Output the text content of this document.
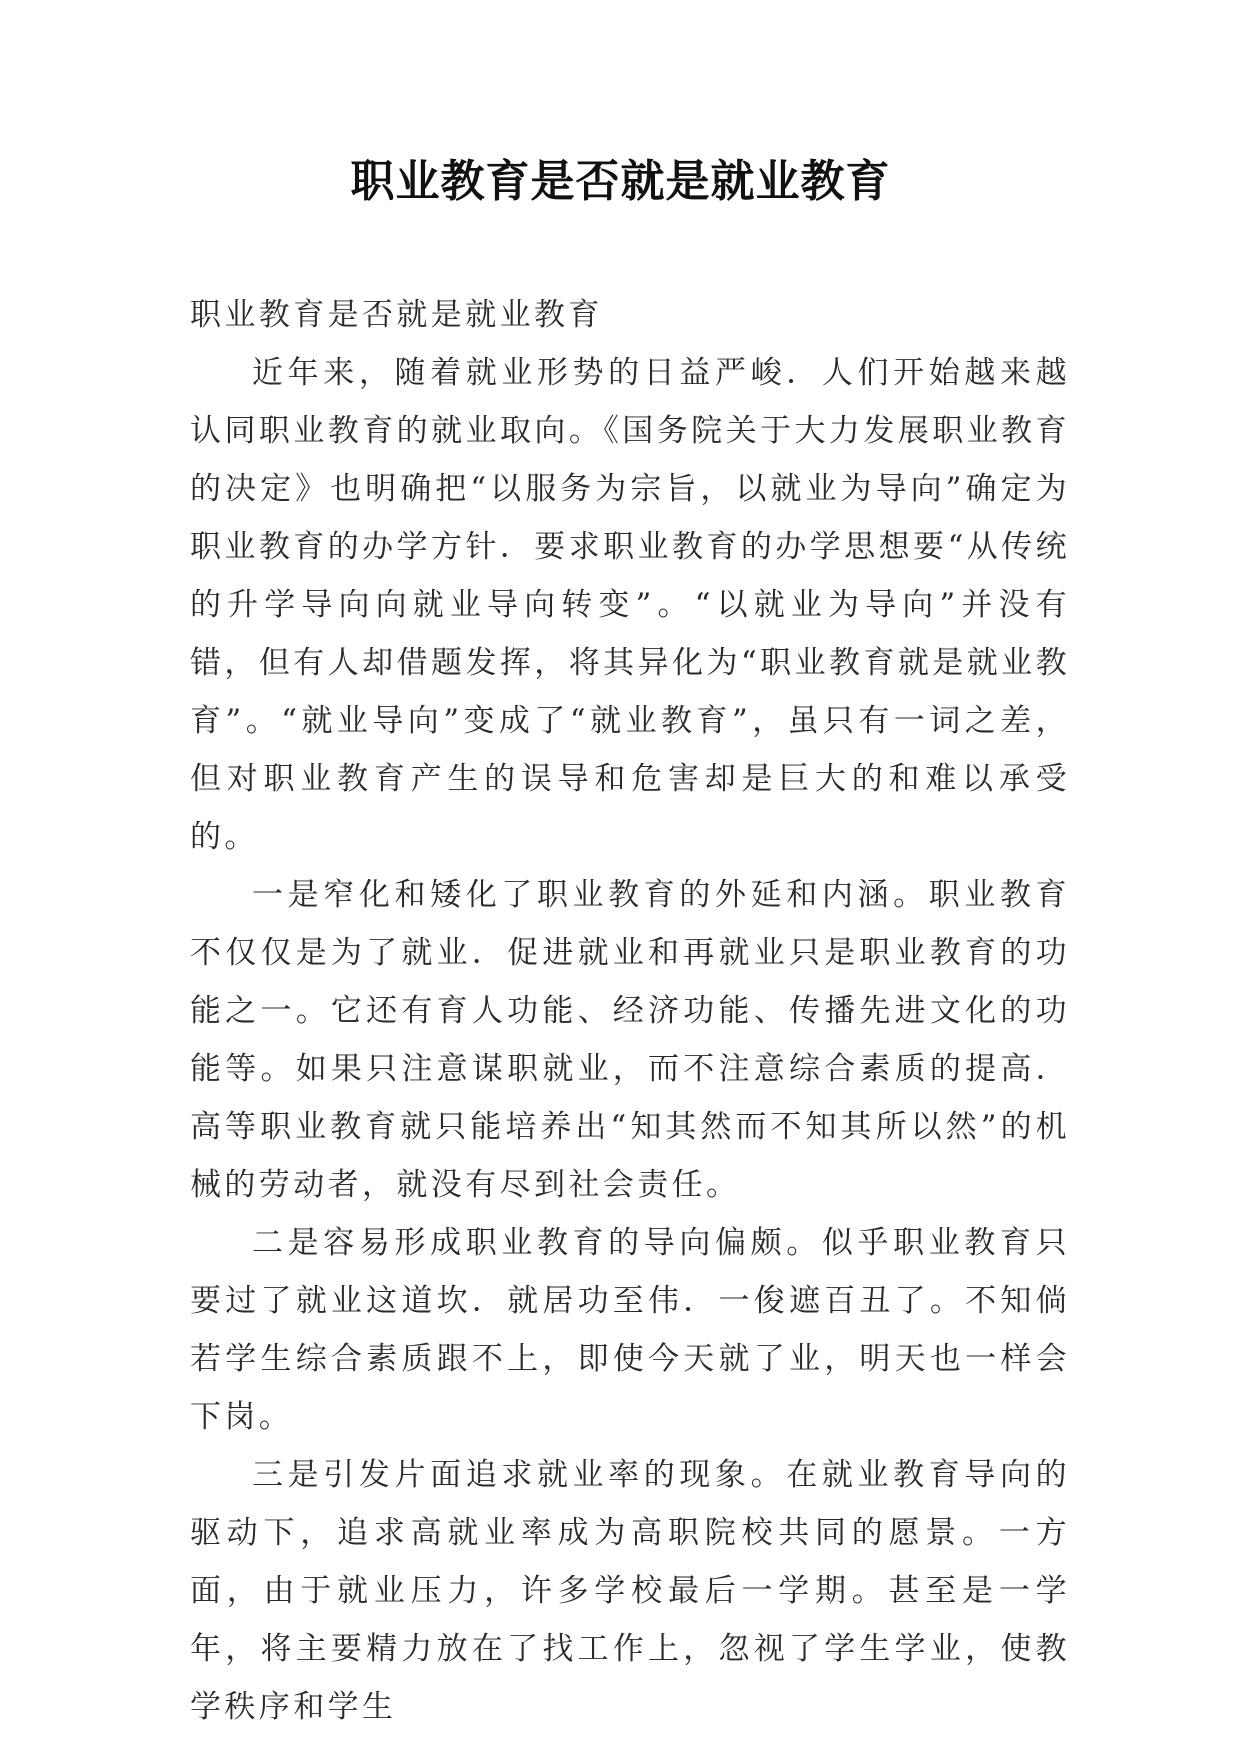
职业教育是否就是就业教育

职业教育是否就是就业教育

近年来，随着就业形势的日益严峻．人们开始越来越认同职业教育的就业取向。《国务院关于大力发展职业教育的决定》也明确把“以服务为宗旨，以就业为导向”确定为职业教育的办学方针．要求职业教育的办学思想要“从传统的升学导向向就业导向转变”。“以就业为导向”并没有错，但有人却借题发挥，将其异化为“职业教育就是就业教育”。“就业导向”变成了“就业教育”，虽只有一词之差，但对职业教育产生的误导和危害却是巨大的和难以承受的。

一是窄化和矮化了职业教育的外延和内涵。职业教育不仅仅是为了就业．促进就业和再就业只是职业教育的功能之一。它还有育人功能、经济功能、传播先进文化的功能等。如果只注意谋职就业，而不注意综合素质的提高．高等职业教育就只能培养出“知其然而不知其所以然”的机械的劳动者，就没有尽到社会责任。

二是容易形成职业教育的导向偏颇。似乎职业教育只要过了就业这道坎．就居功至伟．一俊遮百丑了。不知倘若学生综合素质跟不上，即使今天就了业，明天也一样会下岗。

三是引发片面追求就业率的现象。在就业教育导向的驱动下，追求高就业率成为高职院校共同的愿景。一方面，由于就业压力，许多学校最后一学期。甚至是一学年，将主要精力放在了找工作上，忽视了学生学业，使教学秩序和学生
